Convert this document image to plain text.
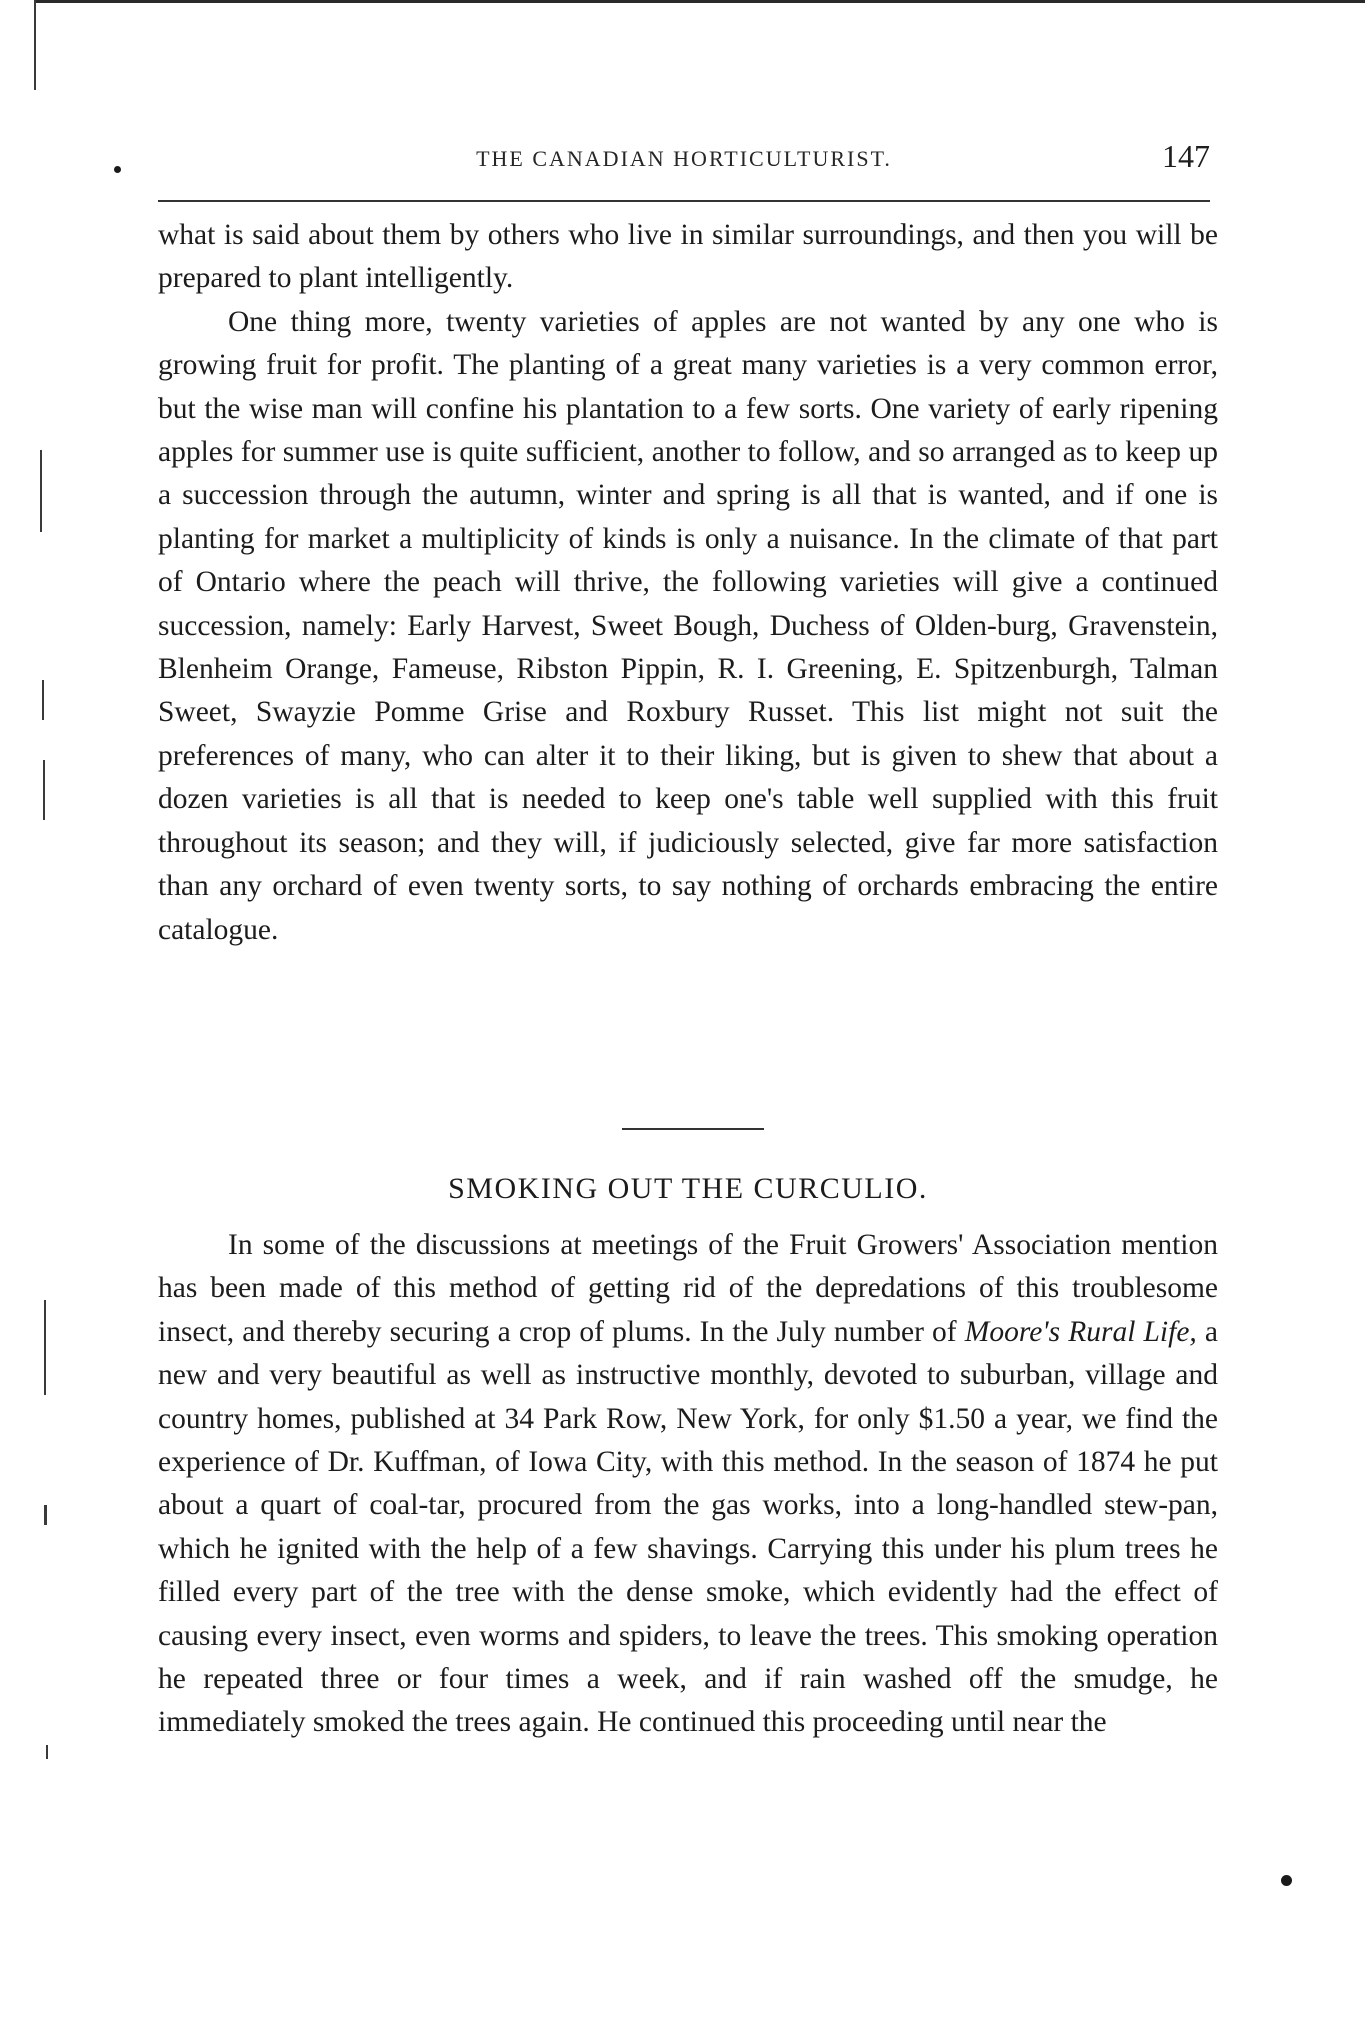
THE CANADIAN HORTICULTURIST.	147

what is said about them by others who live in similar surroundings, and then you will be prepared to plant intelligently.

One thing more, twenty varieties of apples are not wanted by any one who is growing fruit for profit. The planting of a great many varieties is a very common error, but the wise man will confine his plantation to a few sorts. One variety of early ripening apples for summer use is quite sufficient, another to follow, and so arranged as to keep up a succession through the autumn, winter and spring is all that is wanted, and if one is planting for market a multiplicity of kinds is only a nuisance. In the climate of that part of Ontario where the peach will thrive, the following varieties will give a continued succession, namely: Early Harvest, Sweet Bough, Duchess of Olden-burg, Gravenstein, Blenheim Orange, Fameuse, Ribston Pippin, R. I. Greening, E. Spitzenburgh, Talman Sweet, Swayzie Pomme Grise and Roxbury Russet. This list might not suit the preferences of many, who can alter it to their liking, but is given to shew that about a dozen varieties is all that is needed to keep one's table well supplied with this fruit throughout its season; and they will, if judiciously selected, give far more satisfaction than any orchard of even twenty sorts, to say nothing of orchards embracing the entire catalogue.

SMOKING OUT THE CURCULIO.

In some of the discussions at meetings of the Fruit Growers' Association mention has been made of this method of getting rid of the depredations of this troublesome insect, and thereby securing a crop of plums. In the July number of Moore's Rural Life, a new and very beautiful as well as instructive monthly, devoted to suburban, village and country homes, published at 34 Park Row, New York, for only $1.50 a year, we find the experience of Dr. Kuffman, of Iowa City, with this method. In the season of 1874 he put about a quart of coal-tar, procured from the gas works, into a long-handled stew-pan, which he ignited with the help of a few shavings. Carrying this under his plum trees he filled every part of the tree with the dense smoke, which evidently had the effect of causing every insect, even worms and spiders, to leave the trees. This smoking operation he repeated three or four times a week, and if rain washed off the smudge, he immediately smoked the trees again. He continued this proceeding until near the
